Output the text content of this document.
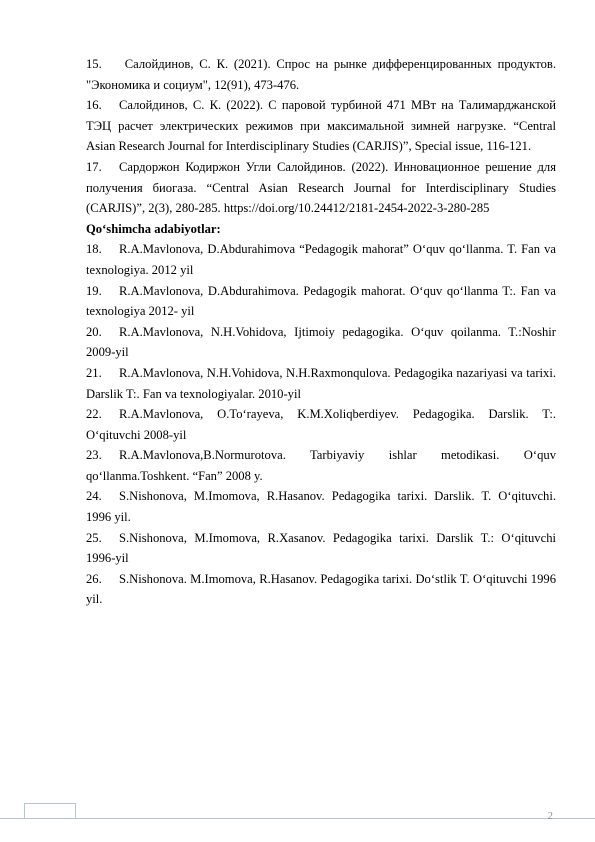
15. Салойдинов, С. К. (2021). Спрос на рынке дифференцированных продуктов. "Экономика и социум", 12(91), 473-476.

16. Салойдинов, С. К. (2022). С паровой турбиной 471 МВт на Талимарджанской ТЭЦ расчет электрических режимов при максимальной зимней нагрузке. “Central Asian Research Journal for Interdisciplinary Studies (CARJIS)”, Special issue, 116-121.

17. Сардоржон Кодиржон Угли Салойдинов. (2022). Инновационное решение для получения биогаза. “Central Asian Research Journal for Interdisciplinary Studies (CARJIS)”, 2(3), 280-285. https://doi.org/10.24412/2181-2454-2022-3-280-285

Qo‘shimcha adabiyotlar:

18. R.A.Mavlonova, D.Abdurahimova “Pedagogik mahorat” O‘quv qo‘llanma. T. Fan va texnologiya. 2012 yil

19. R.A.Mavlonova, D.Abdurahimova. Pedagogik mahorat. O‘quv qo‘llanma T:. Fan va texnologiya 2012- yil

20. R.A.Mavlonova, N.H.Vohidova, Ijtimoiy pedagogika. O‘quv qoilanma. T.:Noshir 2009-yil

21. R.A.Mavlonova, N.H.Vohidova, N.H.Raxmonqulova. Pedagogika nazariyasi va tarixi. Darslik T:. Fan va texnologiyalar. 2010-yil

22. R.A.Mavlonova, O.To‘rayeva, K.M.Xoliqberdiyev. Pedagogika. Darslik. T:. O‘qituvchi 2008-yil

23. R.A.Mavlonova,B.Normurotova. Tarbiyaviy ishlar metodikasi. O‘quv qo‘llanma.Toshkent. “Fan” 2008 y.

24. S.Nishonova, M.Imomova, R.Hasanov. Pedagogika tarixi. Darslik. T. O‘qituvchi. 1996 yil.

25. S.Nishonova, M.Imomova, R.Xasanov. Pedagogika tarixi. Darslik T.: O‘qituvchi 1996-yil

26. S.Nishonova. M.Imomova, R.Hasanov. Pedagogika tarixi. Do‘stlik T. O‘qituvchi 1996 yil.

2
